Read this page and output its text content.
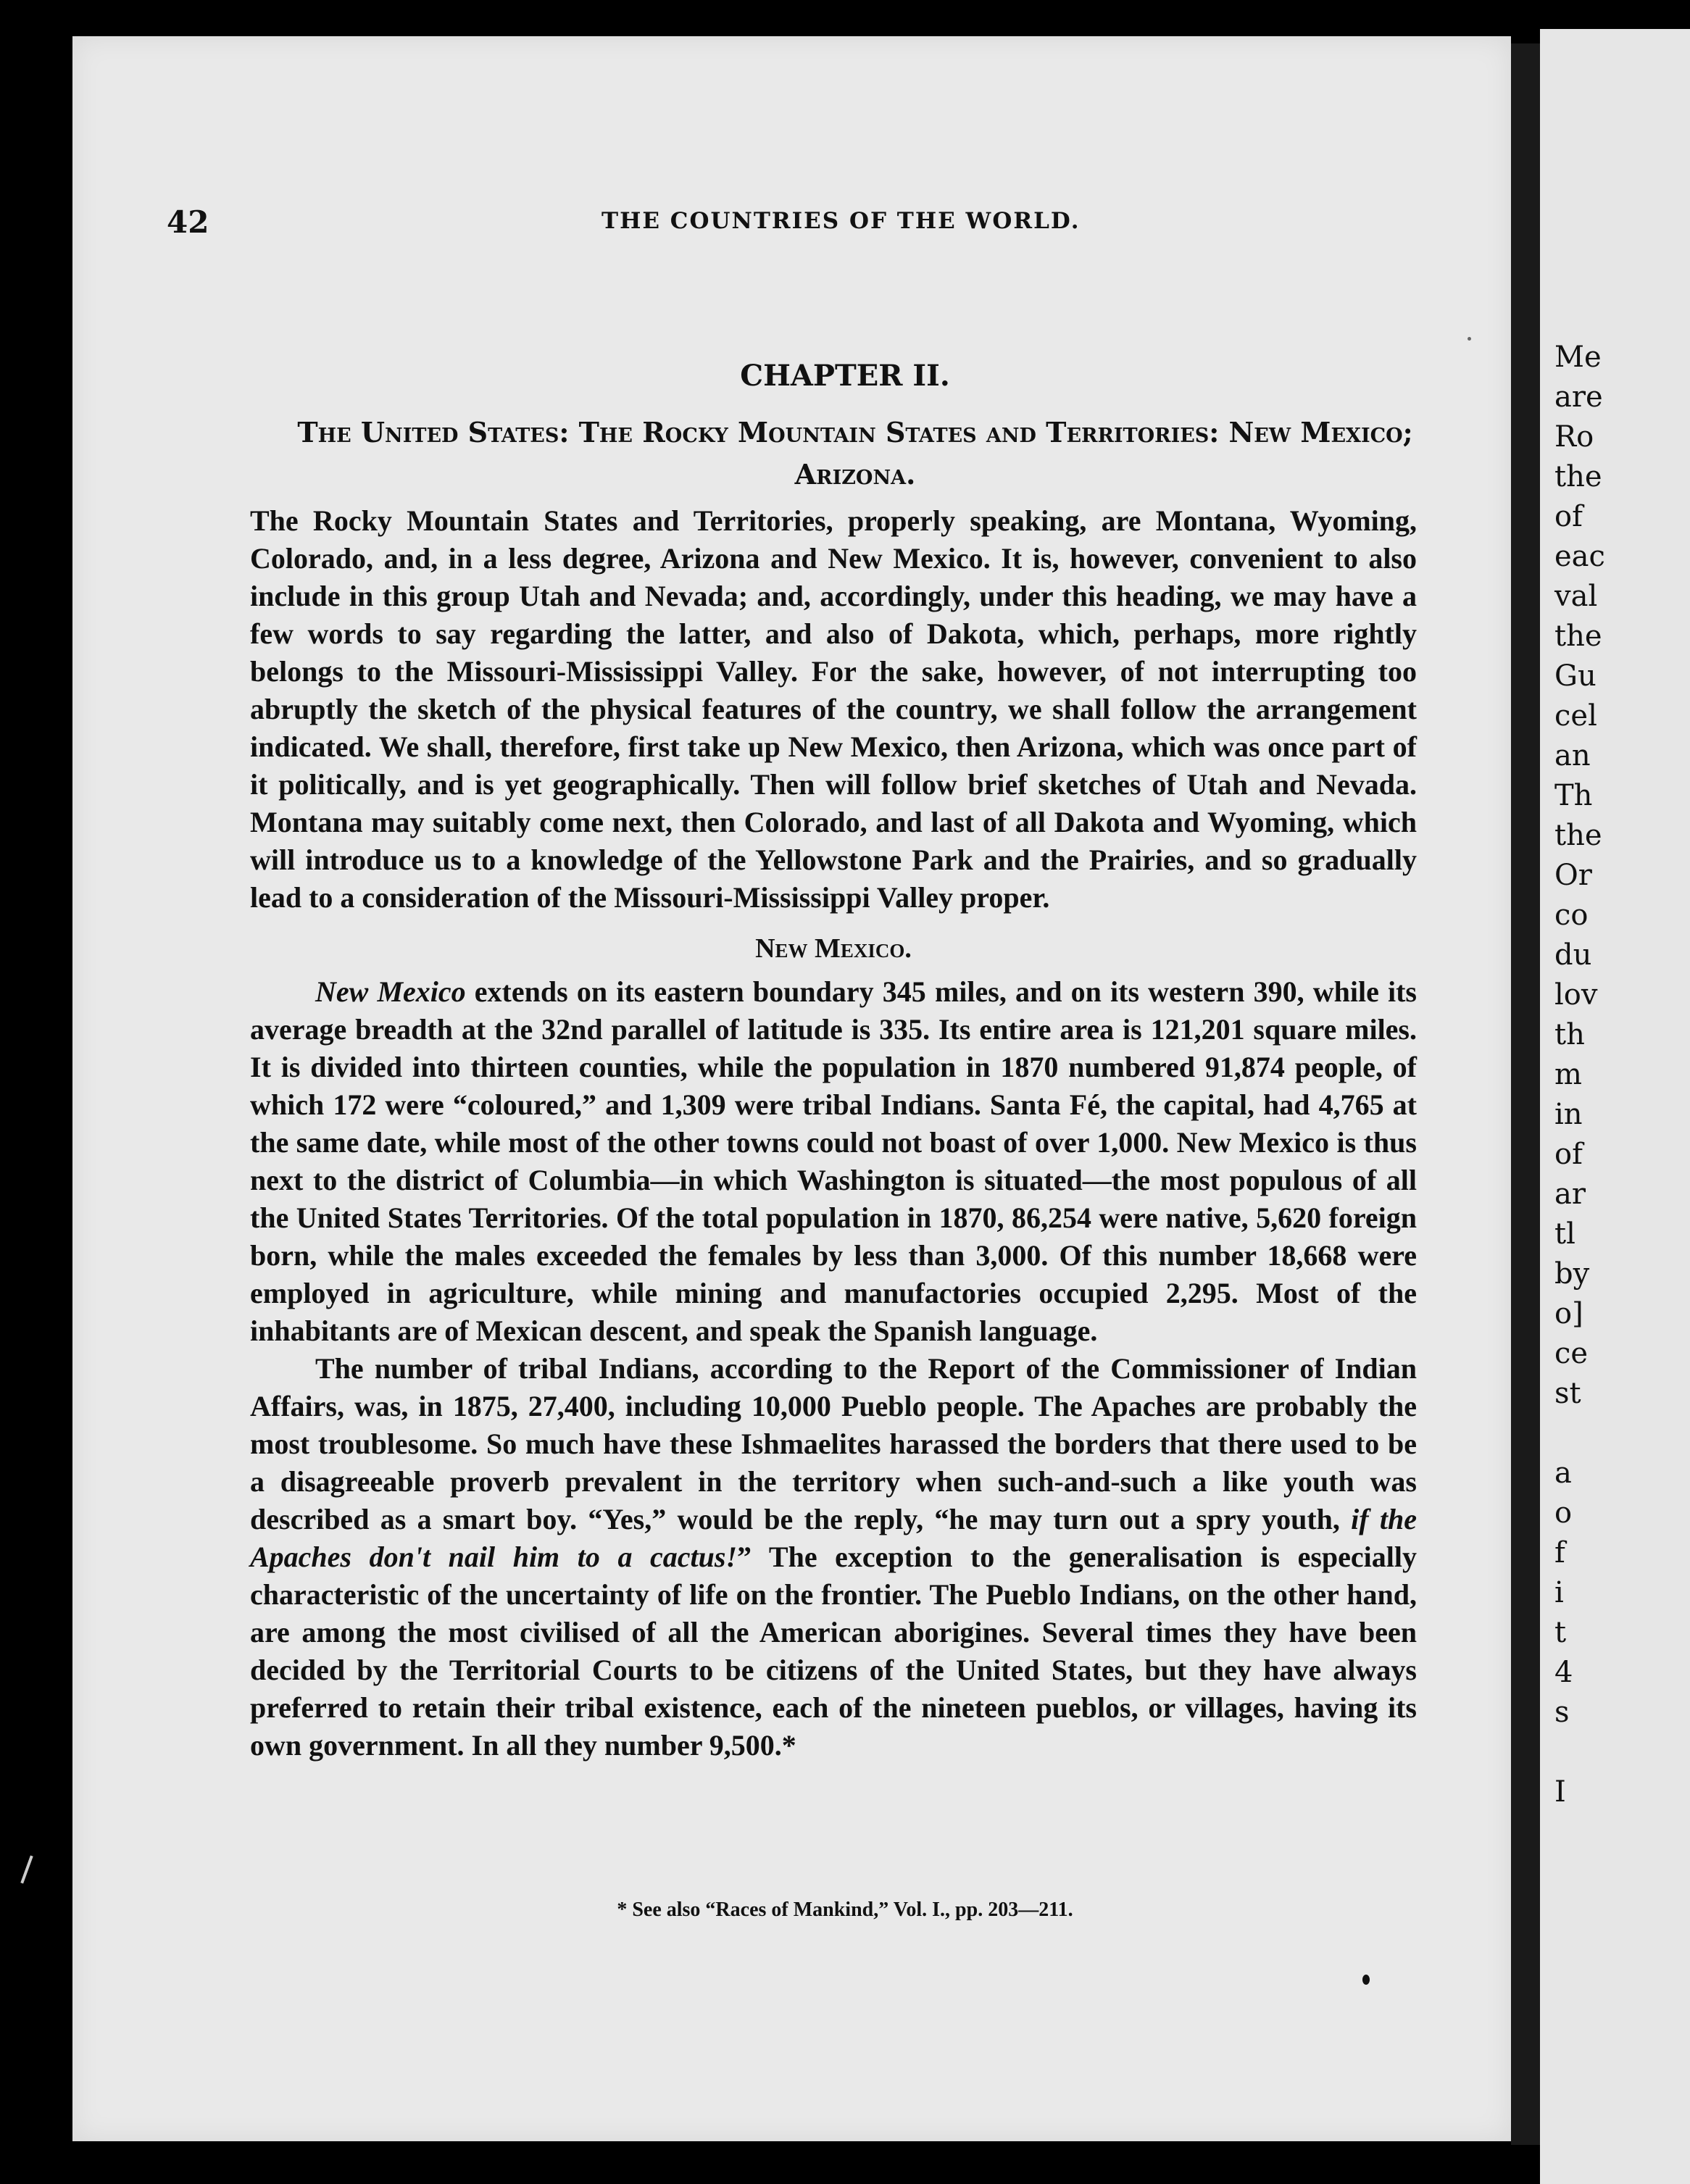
Me
are
Ro
the
of
eac
val
the
Gu
cel
an
Th
the
Or
co
du
lov
th
m
in
of
ar
tl
by
o]
ce
st
a
o
f
i
t
4
s
I
42	THE COUNTRIES OF THE WORLD.
CHAPTER II.
The United States: The Rocky Mountain States and Territories: New Mexico; Arizona.

The Rocky Mountain States and Territories, properly speaking, are Montana, Wyoming, Colorado, and, in a less degree, Arizona and New Mexico. It is, however, convenient to also include in this group Utah and Nevada; and, accordingly, under this heading, we may have a few words to say regarding the latter, and also of Dakota, which, perhaps, more rightly belongs to the Missouri-Mississippi Valley. For the sake, however, of not interrupting too abruptly the sketch of the physical features of the country, we shall follow the arrangement indicated. We shall, therefore, first take up New Mexico, then Arizona, which was once part of it politically, and is yet geographically. Then will follow brief sketches of Utah and Nevada. Montana may suitably come next, then Colorado, and last of all Dakota and Wyoming, which will introduce us to a knowledge of the Yellowstone Park and the Prairies, and so gradually lead to a consideration of the Missouri-Mississippi Valley proper.

New Mexico.

New Mexico extends on its eastern boundary 345 miles, and on its western 390, while its average breadth at the 32nd parallel of latitude is 335. Its entire area is 121,201 square miles. It is divided into thirteen counties, while the population in 1870 numbered 91,874 people, of which 172 were “coloured,” and 1,309 were tribal Indians. Santa Fé, the capital, had 4,765 at the same date, while most of the other towns could not boast of over 1,000. New Mexico is thus next to the district of Columbia—in which Washington is situated—the most populous of all the United States Territories. Of the total population in 1870, 86,254 were native, 5,620 foreign born, while the males exceeded the females by less than 3,000. Of this number 18,668 were employed in agriculture, while mining and manufactories occupied 2,295. Most of the inhabitants are of Mexican descent, and speak the Spanish language.

The number of tribal Indians, according to the Report of the Commissioner of Indian Affairs, was, in 1875, 27,400, including 10,000 Pueblo people. The Apaches are probably the most troublesome. So much have these Ishmaelites harassed the borders that there used to be a disagreeable proverb prevalent in the territory when such-and-such a like youth was described as a smart boy. “Yes,” would be the reply, “he may turn out a spry youth, if the Apaches don't nail him to a cactus!” The exception to the generalisation is especially characteristic of the uncertainty of life on the frontier. The Pueblo Indians, on the other hand, are among the most civilised of all the American aborigines. Several times they have been decided by the Territorial Courts to be citizens of the United States, but they have always preferred to retain their tribal existence, each of the nineteen pueblos, or villages, having its own government. In all they number 9,500.*

* See also “Races of Mankind,” Vol. I., pp. 203—211.
